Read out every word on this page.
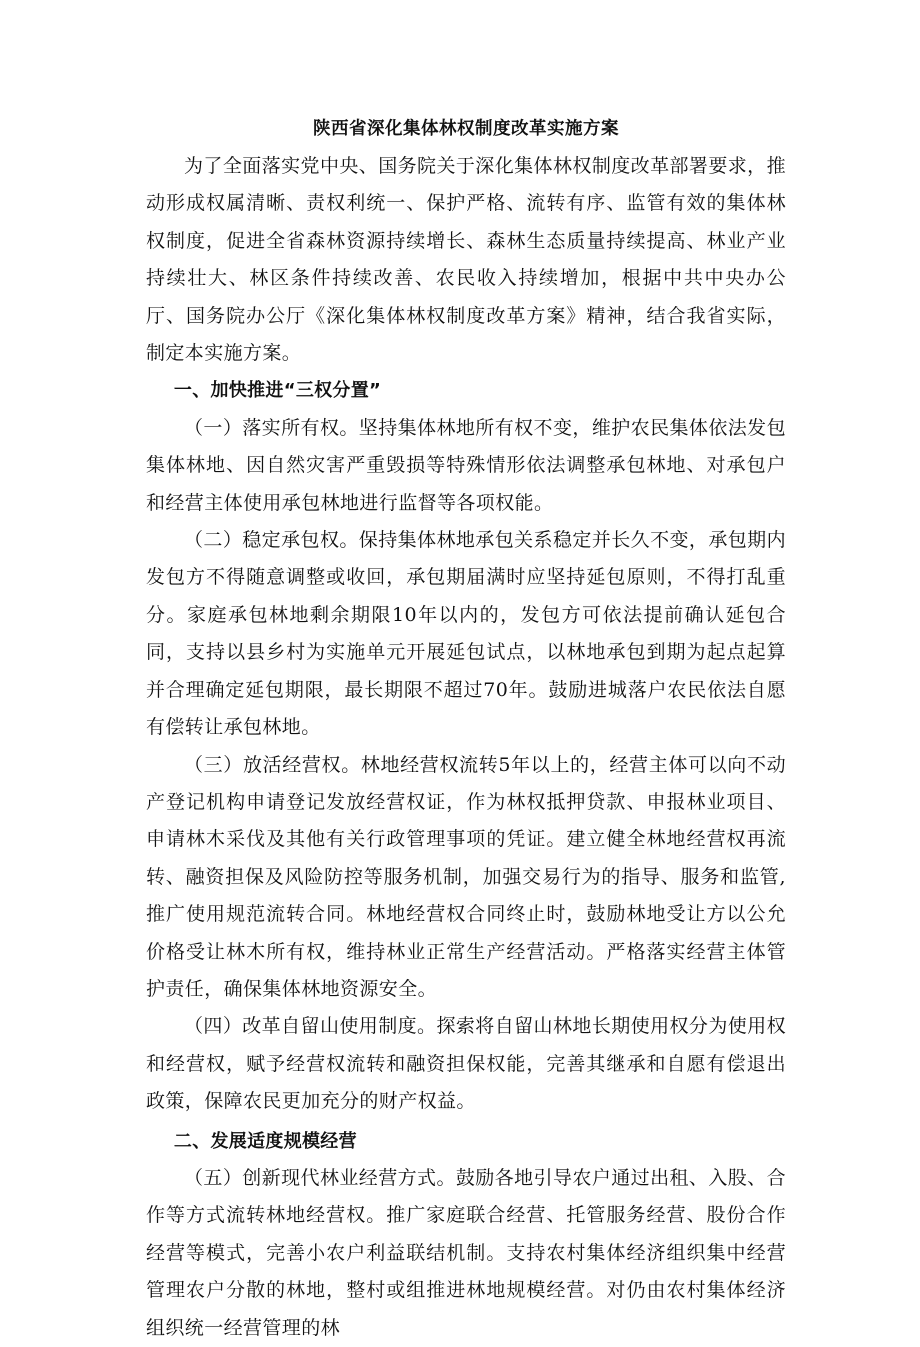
陕西省深化集体林权制度改革实施方案

为了全面落实党中央、国务院关于深化集体林权制度改革部署要求，推动形成权属清晰、责权利统一、保护严格、流转有序、监管有效的集体林权制度，促进全省森林资源持续增长、森林生态质量持续提高、林业产业持续壮大、林区条件持续改善、农民收入持续增加，根据中共中央办公厅、国务院办公厅《深化集体林权制度改革方案》精神，结合我省实际，制定本实施方案。

一、加快推进“三权分置”

（一）落实所有权。坚持集体林地所有权不变，维护农民集体依法发包集体林地、因自然灾害严重毁损等特殊情形依法调整承包林地、对承包户和经营主体使用承包林地进行监督等各项权能。

（二）稳定承包权。保持集体林地承包关系稳定并长久不变，承包期内发包方不得随意调整或收回，承包期届满时应坚持延包原则，不得打乱重分。家庭承包林地剩余期限10年以内的，发包方可依法提前确认延包合同，支持以县乡村为实施单元开展延包试点，以林地承包到期为起点起算并合理确定延包期限，最长期限不超过70年。鼓励进城落户农民依法自愿有偿转让承包林地。

（三）放活经营权。林地经营权流转5年以上的，经营主体可以向不动产登记机构申请登记发放经营权证，作为林权抵押贷款、申报林业项目、申请林木采伐及其他有关行政管理事项的凭证。建立健全林地经营权再流转、融资担保及风险防控等服务机制，加强交易行为的指导、服务和监管,推广使用规范流转合同。林地经营权合同终止时，鼓励林地受让方以公允价格受让林木所有权，维持林业正常生产经营活动。严格落实经营主体管护责任，确保集体林地资源安全。

（四）改革自留山使用制度。探索将自留山林地长期使用权分为使用权和经营权，赋予经营权流转和融资担保权能，完善其继承和自愿有偿退出政策，保障农民更加充分的财产权益。

二、发展适度规模经营

（五）创新现代林业经营方式。鼓励各地引导农户通过出租、入股、合作等方式流转林地经营权。推广家庭联合经营、托管服务经营、股份合作经营等模式，完善小农户利益联结机制。支持农村集体经济组织集中经营管理农户分散的林地，整村或组推进林地规模经营。对仍由农村集体经济组织统一经营管理的林
